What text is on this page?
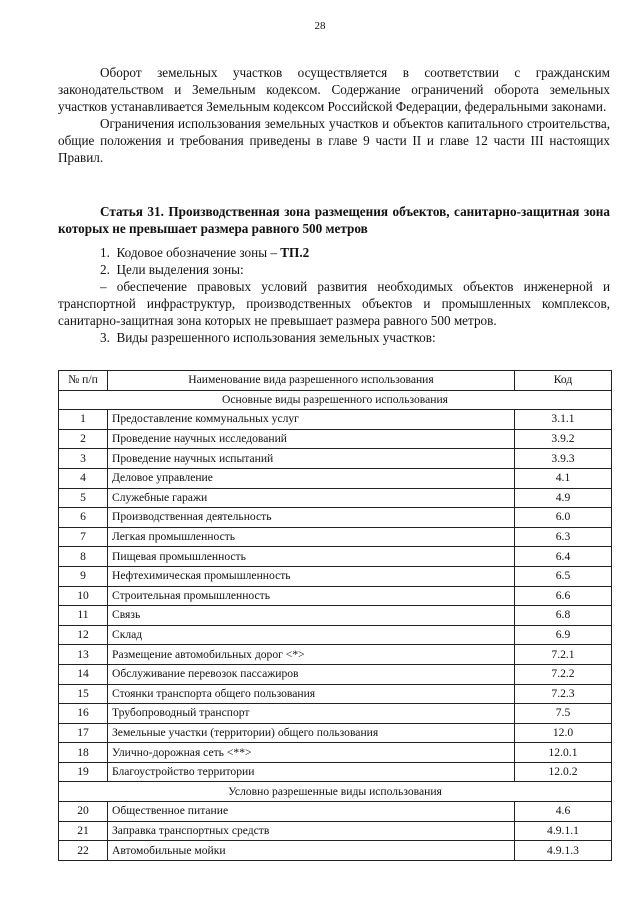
28

Оборот земельных участков осуществляется в соответствии с гражданским законодательством и Земельным кодексом. Содержание ограничений оборота земельных участков устанавливается Земельным кодексом Российской Федерации, федеральными законами.

Ограничения использования земельных участков и объектов капитального строительства, общие положения и требования приведены в главе 9 части II и главе 12 части III настоящих Правил.

Статья 31. Производственная зона размещения объектов, санитарно-защитная зона которых не превышает размера равного 500 метров

1.  Кодовое обозначение зоны – ТП.2

2.  Цели выделения зоны:

– обеспечение правовых условий развития необходимых объектов инженерной и транспортной инфраструктур, производственных объектов и промышленных комплексов, санитарно-защитная зона которых не превышает размера равного 500 метров.

3.  Виды разрешенного использования земельных участков:

№ п/п	Наименование вида разрешенного использования	Код
Основные виды разрешенного использования		
1	Предоставление коммунальных услуг	3.1.1
2	Проведение научных исследований	3.9.2
3	Проведение научных испытаний	3.9.3
4	Деловое управление	4.1
5	Служебные гаражи	4.9
6	Производственная деятельность	6.0
7	Легкая промышленность	6.3
8	Пищевая промышленность	6.4
9	Нефтехимическая промышленность	6.5
10	Строительная промышленность	6.6
11	Связь	6.8
12	Склад	6.9
13	Размещение автомобильных дорог <*>	7.2.1
14	Обслуживание перевозок пассажиров	7.2.2
15	Стоянки транспорта общего пользования	7.2.3
16	Трубопроводный транспорт	7.5
17	Земельные участки (территории) общего пользования	12.0
18	Улично-дорожная сеть <**>	12.0.1
19	Благоустройство территории	12.0.2
Условно разрешенные виды использования		
20	Общественное питание	4.6
21	Заправка транспортных средств	4.9.1.1
22	Автомобильные мойки	4.9.1.3
